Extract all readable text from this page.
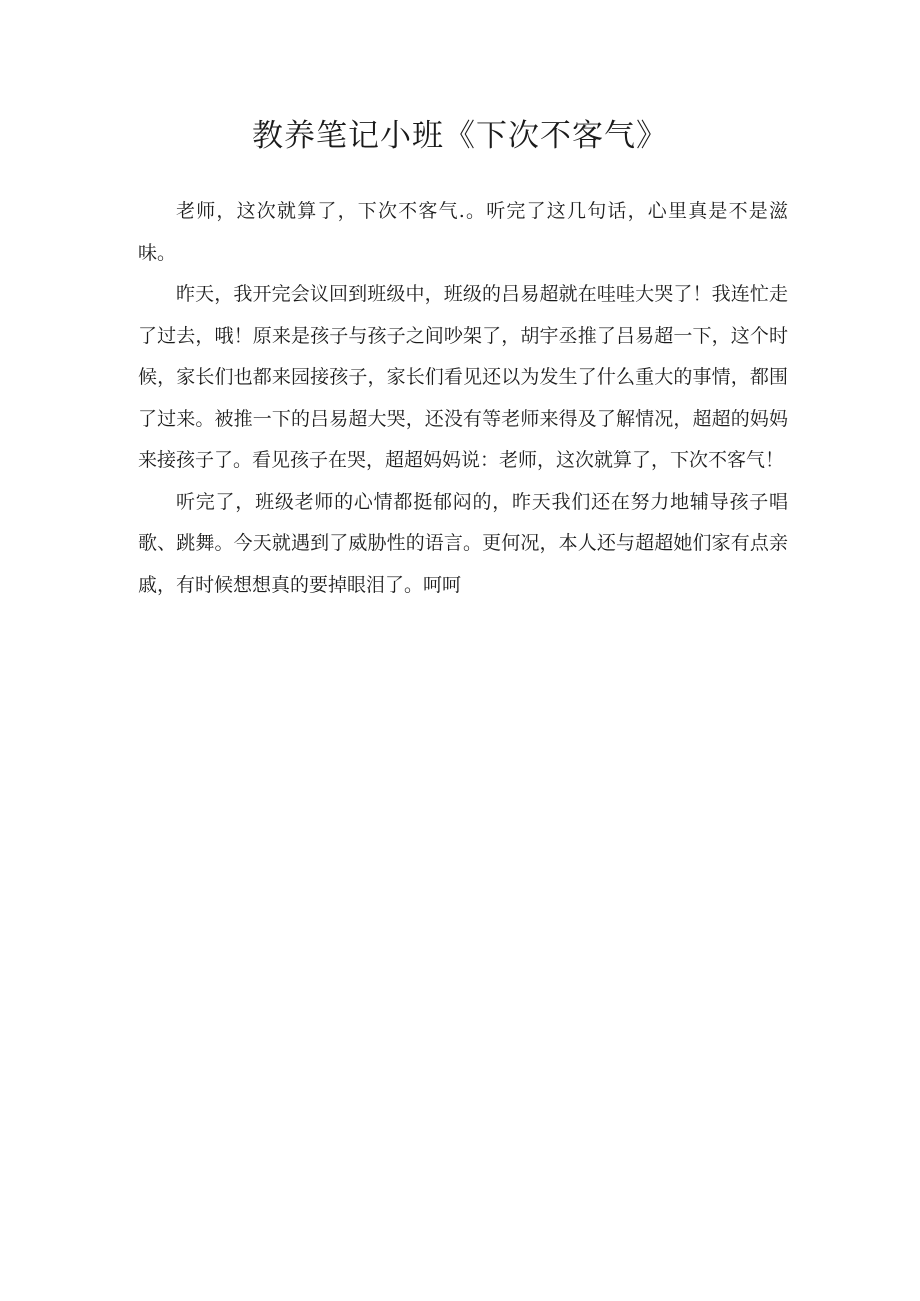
教养笔记小班《下次不客气》

老师，这次就算了，下次不客气.。听完了这几句话，心里真是不是滋味。

昨天，我开完会议回到班级中，班级的吕易超就在哇哇大哭了！我连忙走了过去，哦！原来是孩子与孩子之间吵架了，胡宇丞推了吕易超一下，这个时候，家长们也都来园接孩子，家长们看见还以为发生了什么重大的事情，都围了过来。被推一下的吕易超大哭，还没有等老师来得及了解情况，超超的妈妈来接孩子了。看见孩子在哭，超超妈妈说：老师，这次就算了，下次不客气！

听完了，班级老师的心情都挺郁闷的，昨天我们还在努力地辅导孩子唱歌、跳舞。今天就遇到了威胁性的语言。更何况，本人还与超超她们家有点亲戚，有时候想想真的要掉眼泪了。呵呵
